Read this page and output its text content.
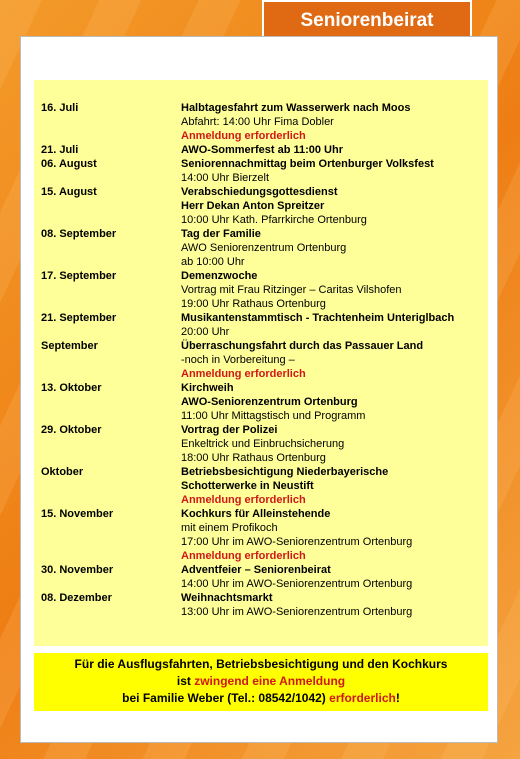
Seniorenbeirat
16. Juli	Halbtagesfahrt zum Wasserwerk nach Moos
Abfahrt: 14:00 Uhr Fima Dobler
Anmeldung erforderlich
21. Juli	AWO-Sommerfest ab 11:00 Uhr
06. August	Seniorennachmittag beim Ortenburger Volksfest
14:00 Uhr Bierzelt
15. August	Verabschiedungsgottesdienst
Herr Dekan Anton Spreitzer
10:00 Uhr Kath. Pfarrkirche Ortenburg
08. September	Tag der Familie
AWO Seniorenzentrum Ortenburg
ab 10:00 Uhr
17. September	Demenzwoche
Vortrag mit Frau Ritzinger – Caritas Vilshofen
19:00 Uhr Rathaus Ortenburg
21. September	Musikantenstammtisch - Trachtenheim Unteriglbach
20:00 Uhr
September	Überraschungsfahrt durch das Passauer Land
-noch in Vorbereitung –
Anmeldung erforderlich
13. Oktober	Kirchweih
AWO-Seniorenzentrum Ortenburg
11:00 Uhr Mittagstisch und Programm
29. Oktober	Vortrag der Polizei
Enkeltrick und Einbruchsicherung
18:00 Uhr Rathaus Ortenburg
Oktober	Betriebsbesichtigung Niederbayerische
Schotterwerke in Neustift
Anmeldung erforderlich
15. November	Kochkurs für Alleinstehende
mit einem Profikoch
17:00 Uhr im AWO-Seniorenzentrum Ortenburg
Anmeldung erforderlich
30. November	Adventfeier – Seniorenbeirat
14:00 Uhr im AWO-Seniorenzentrum Ortenburg
08. Dezember	Weihnachtsmarkt
13:00 Uhr im AWO-Seniorenzentrum Ortenburg
Für die Ausflugsfahrten, Betriebsbesichtigung und den Kochkurs
ist zwingend eine Anmeldung
bei Familie Weber (Tel.: 08542/1042) erforderlich!
